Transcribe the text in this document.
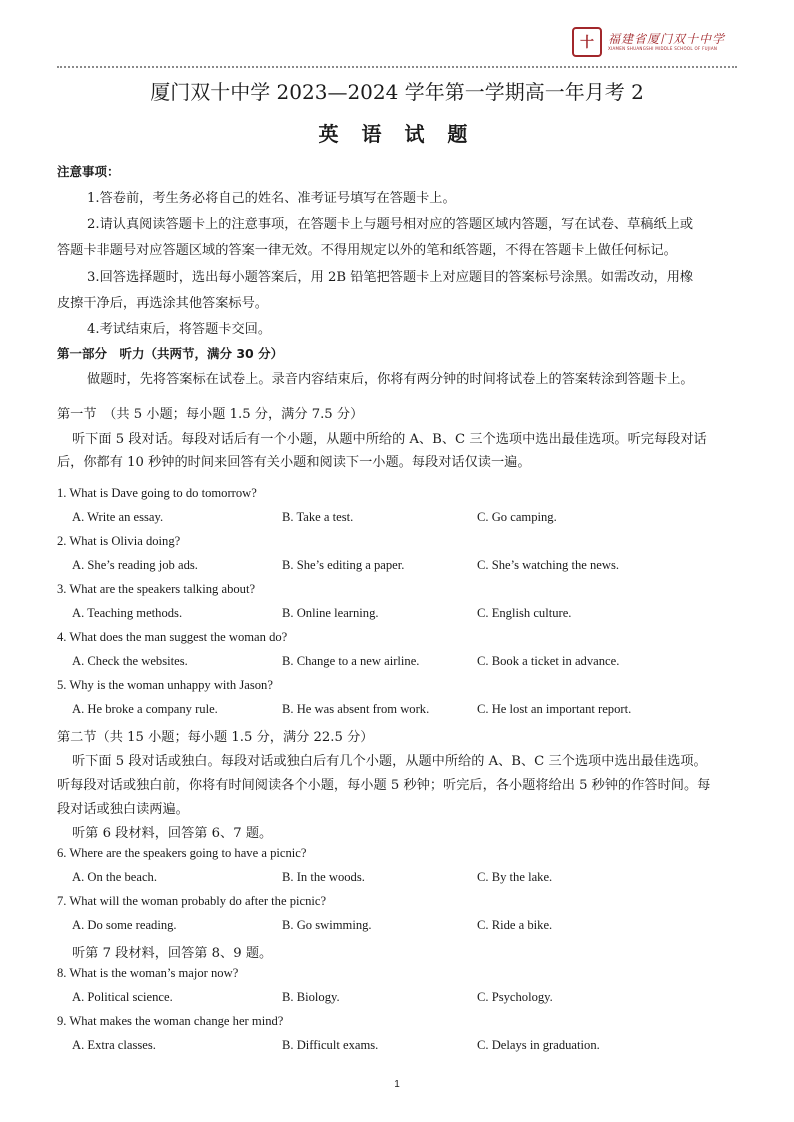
十	福建省厦门双十中学
XIAMEN SHUANGSHI MIDDLE SCHOOL OF FUJIAN
厦门双十中学 2023—2024 学年第一学期高一年月考 2
英 语 试 题
注意事项：
1.答卷前，考生务必将自己的姓名、准考证号填写在答题卡上。
2.请认真阅读答题卡上的注意事项，在答题卡上与题号相对应的答题区域内答题，写在试卷、草稿纸上或
答题卡非题号对应答题区域的答案一律无效。不得用规定以外的笔和纸答题，不得在答题卡上做任何标记。
3.回答选择题时，选出每小题答案后，用 2B 铅笔把答题卡上对应题目的答案标号涂黑。如需改动，用橡
皮擦干净后，再选涂其他答案标号。
4.考试结束后，将答题卡交回。
第一部分　听力（共两节，满分 30 分）
做题时，先将答案标在试卷上。录音内容结束后，你将有两分钟的时间将试卷上的答案转涂到答题卡上。
第一节　（共 5 小题；每小题 1.5 分，满分 7.5 分）
听下面 5 段对话。每段对话后有一个小题，从题中所给的 A、B、C 三个选项中选出最佳选项。听完每段对话
后，你都有 10 秒钟的时间来回答有关小题和阅读下一小题。每段对话仅读一遍。
1. What is Dave going to do tomorrow?
A. Write an essay.	B. Take a test.	C. Go camping.
2. What is Olivia doing?
A. She’s reading job ads.	B. She’s editing a paper.	C. She’s watching the news.
3. What are the speakers talking about?
A. Teaching methods.	B. Online learning.	C. English culture.
4. What does the man suggest the woman do?
A. Check the websites.	B. Change to a new airline.	C. Book a ticket in advance.
5. Why is the woman unhappy with Jason?
A. He broke a company rule.	B. He was absent from work.	C. He lost an important report.
第二节（共 15 小题；每小题 1.5 分，满分 22.5 分）
听下面 5 段对话或独白。每段对话或独白后有几个小题，从题中所给的 A、B、C 三个选项中选出最佳选项。
听每段对话或独白前，你将有时间阅读各个小题，每小题 5 秒钟；听完后，各小题将给出 5 秒钟的作答时间。每
段对话或独白读两遍。
听第 6 段材料，回答第 6、7 题。
6. Where are the speakers going to have a picnic?
A. On the beach.	B. In the woods.	C. By the lake.
7. What will the woman probably do after the picnic?
A. Do some reading.	B. Go swimming.	C. Ride a bike.
听第 7 段材料，回答第 8、9 题。
8. What is the woman’s major now?
A. Political science.	B. Biology.	C. Psychology.
9. What makes the woman change her mind?
A. Extra classes.	B. Difficult exams.	C. Delays in graduation.
1
